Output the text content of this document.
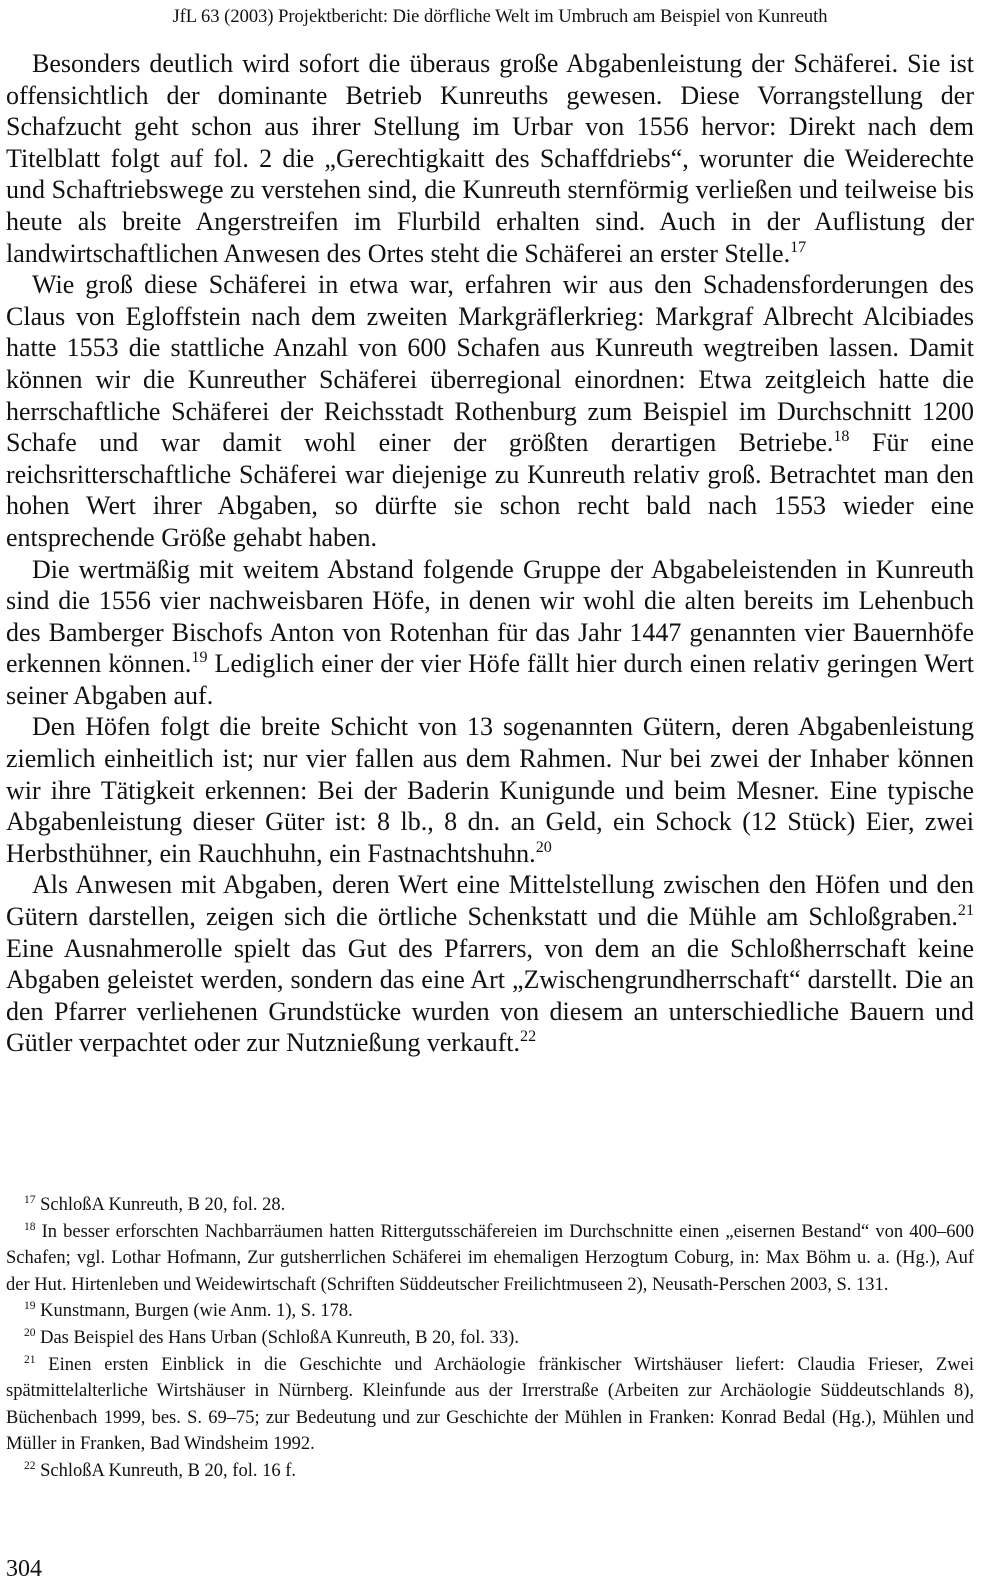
JfL 63 (2003) Projektbericht: Die dörfliche Welt im Umbruch am Beispiel von Kunreuth

Besonders deutlich wird sofort die überaus große Abgabenleistung der Schäferei. Sie ist offensichtlich der dominante Betrieb Kunreuths gewesen. Diese Vorrangstellung der Schafzucht geht schon aus ihrer Stellung im Urbar von 1556 hervor: Direkt nach dem Titelblatt folgt auf fol. 2 die „Gerechtigkaitt des Schaffdriebs“, worunter die Weiderechte und Schaftriebswege zu verstehen sind, die Kunreuth sternförmig verließen und teilweise bis heute als breite Angerstreifen im Flurbild erhalten sind. Auch in der Auflistung der landwirtschaftlichen Anwesen des Ortes steht die Schäferei an erster Stelle.$^{17}$

Wie groß diese Schäferei in etwa war, erfahren wir aus den Schadensforderungen des Claus von Egloffstein nach dem zweiten Markgräflerkrieg: Markgraf Albrecht Alcibiades hatte 1553 die stattliche Anzahl von 600 Schafen aus Kunreuth wegtreiben lassen. Damit können wir die Kunreuther Schäferei überregional einordnen: Etwa zeitgleich hatte die herrschaftliche Schäferei der Reichsstadt Rothenburg zum Beispiel im Durchschnitt 1200 Schafe und war damit wohl einer der größten derartigen Betriebe.$^{18}$ Für eine reichsritterschaftliche Schäferei war diejenige zu Kunreuth relativ groß. Betrachtet man den hohen Wert ihrer Abgaben, so dürfte sie schon recht bald nach 1553 wieder eine entsprechende Größe gehabt haben.

Die wertmäßig mit weitem Abstand folgende Gruppe der Abgabeleistenden in Kunreuth sind die 1556 vier nachweisbaren Höfe, in denen wir wohl die alten bereits im Lehenbuch des Bamberger Bischofs Anton von Rotenhan für das Jahr 1447 genannten vier Bauernhöfe erkennen können.$^{19}$ Lediglich einer der vier Höfe fällt hier durch einen relativ geringen Wert seiner Abgaben auf.

Den Höfen folgt die breite Schicht von 13 sogenannten Gütern, deren Abgabenleistung ziemlich einheitlich ist; nur vier fallen aus dem Rahmen. Nur bei zwei der Inhaber können wir ihre Tätigkeit erkennen: Bei der Baderin Kunigunde und beim Mesner. Eine typische Abgabenleistung dieser Güter ist: 8 lb., 8 dn. an Geld, ein Schock (12 Stück) Eier, zwei Herbsthühner, ein Rauchhuhn, ein Fastnachtshuhn.$^{20}$

Als Anwesen mit Abgaben, deren Wert eine Mittelstellung zwischen den Höfen und den Gütern darstellen, zeigen sich die örtliche Schenkstatt und die Mühle am Schloßgraben.$^{21}$ Eine Ausnahmerolle spielt das Gut des Pfarrers, von dem an die Schloßherrschaft keine Abgaben geleistet werden, sondern das eine Art „Zwischengrundherrschaft“ darstellt. Die an den Pfarrer verliehenen Grundstücke wurden von diesem an unterschiedliche Bauern und Gütler verpachtet oder zur Nutznießung verkauft.$^{22}$

$^{17}$ SchloßA Kunreuth, B 20, fol. 28.

$^{18}$ In besser erforschten Nachbarräumen hatten Rittergutsschäfereien im Durchschnitte einen „eisernen Bestand“ von 400–600 Schafen; vgl. Lothar Hofmann, Zur gutsherrlichen Schäferei im ehemaligen Herzogtum Coburg, in: Max Böhm u. a. (Hg.), Auf der Hut. Hirtenleben und Weidewirtschaft (Schriften Süddeutscher Freilichtmuseen 2), Neusath-Perschen 2003, S. 131.

$^{19}$ Kunstmann, Burgen (wie Anm. 1), S. 178.

$^{20}$ Das Beispiel des Hans Urban (SchloßA Kunreuth, B 20, fol. 33).

$^{21}$ Einen ersten Einblick in die Geschichte und Archäologie fränkischer Wirtshäuser liefert: Claudia Frieser, Zwei spätmittelalterliche Wirtshäuser in Nürnberg. Kleinfunde aus der Irrerstraße (Arbeiten zur Archäologie Süddeutschlands 8), Büchenbach 1999, bes. S. 69–75; zur Bedeutung und zur Geschichte der Mühlen in Franken: Konrad Bedal (Hg.), Mühlen und Müller in Franken, Bad Windsheim 1992.

$^{22}$ SchloßA Kunreuth, B 20, fol. 16 f.

304
